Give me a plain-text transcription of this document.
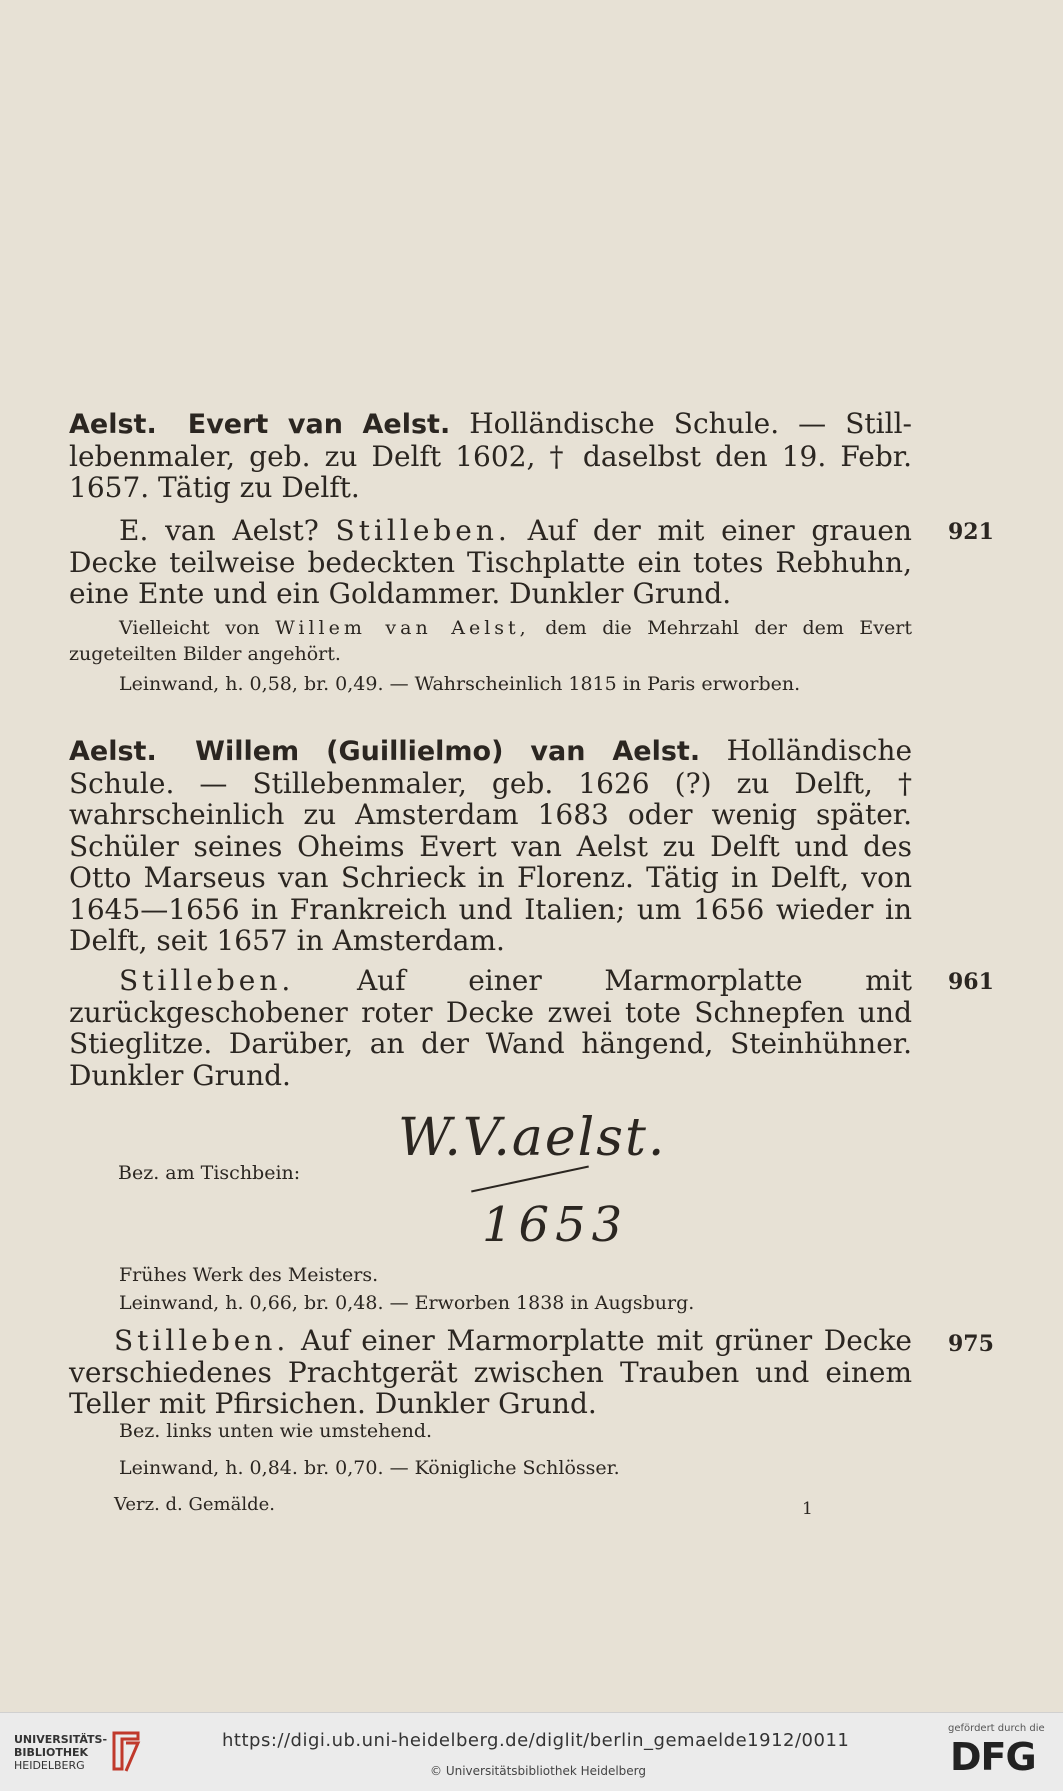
Aelst. Evert van Aelst. Holländische Schule. — Still-lebenmaler, geb. zu Delft 1602, † daselbst den 19. Febr. 1657. Tätig zu Delft.
E. van Aelst? Stilleben. Auf der mit einer grauen Decke teilweise bedeckten Tischplatte ein totes Rebhuhn, eine Ente und ein Goldammer. Dunkler Grund.
921
Vielleicht von Willem van Aelst, dem die Mehrzahl der dem Evert zugeteilten Bilder angehört.
Leinwand, h. 0,58, br. 0,49. — Wahrscheinlich 1815 in Paris erworben.
Aelst. Willem (Guillielmo) van Aelst. Holländische Schule. — Stillebenmaler, geb. 1626 (?) zu Delft, † wahrscheinlich zu Amsterdam 1683 oder wenig später. Schüler seines Oheims Evert van Aelst zu Delft und des Otto Marseus van Schrieck in Florenz. Tätig in Delft, von 1645—1656 in Frankreich und Italien; um 1656 wieder in Delft, seit 1657 in Amsterdam.
Stilleben. Auf einer Marmorplatte mit zurückgeschobener roter Decke zwei tote Schnepfen und Stieglitze. Darüber, an der Wand hängend, Steinhühner. Dunkler Grund.
961
Bez. am Tischbein:
W.V.aelst.
1653
Frühes Werk des Meisters.
Leinwand, h. 0,66, br. 0,48. — Erworben 1838 in Augsburg.
Stilleben. Auf einer Marmorplatte mit grüner Decke verschiedenes Prachtgerät zwischen Trauben und einem Teller mit Pfirsichen. Dunkler Grund.
975
Bez. links unten wie umstehend.
Leinwand, h. 0,84. br. 0,70. — Königliche Schlösser.
Verz. d. Gemälde.	1
UNIVERSITÄTS-
BIBLIOTHEK
HEIDELBERG
https://digi.ub.uni-heidelberg.de/diglit/berlin_gemaelde1912/0011
© Universitätsbibliothek Heidelberg
gefördert durch die
DFG
